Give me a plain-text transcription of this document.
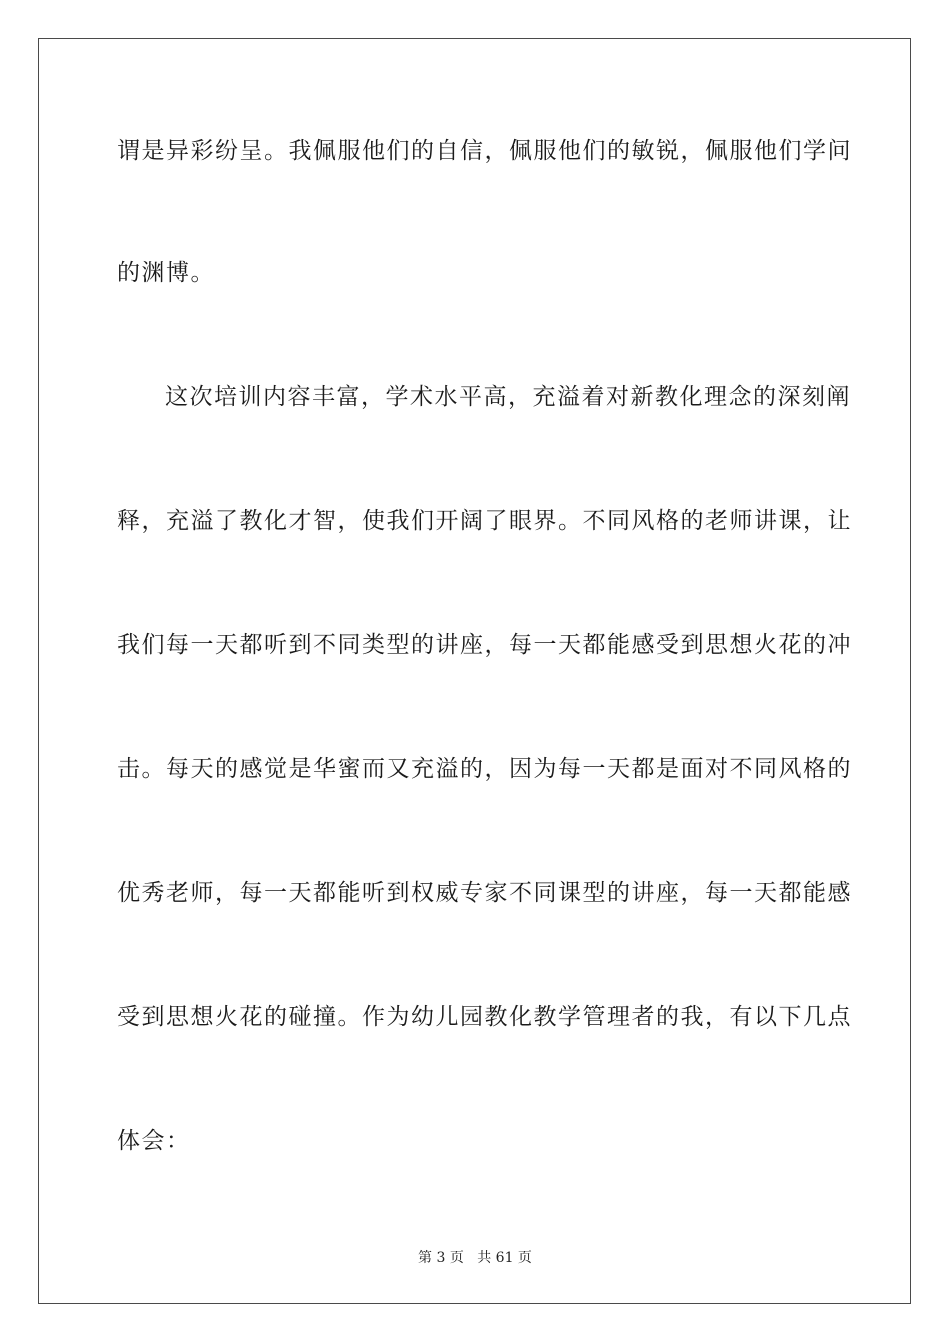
谓是异彩纷呈。我佩服他们的自信，佩服他们的敏锐，佩服他们学问
的渊博。
这次培训内容丰富，学术水平高，充溢着对新教化理念的深刻阐
释，充溢了教化才智，使我们开阔了眼界。不同风格的老师讲课，让
我们每一天都听到不同类型的讲座，每一天都能感受到思想火花的冲
击。每天的感觉是华蜜而又充溢的，因为每一天都是面对不同风格的
优秀老师，每一天都能听到权威专家不同课型的讲座，每一天都能感
受到思想火花的碰撞。作为幼儿园教化教学管理者的我，有以下几点
体会：
第 3 页 共 61 页
